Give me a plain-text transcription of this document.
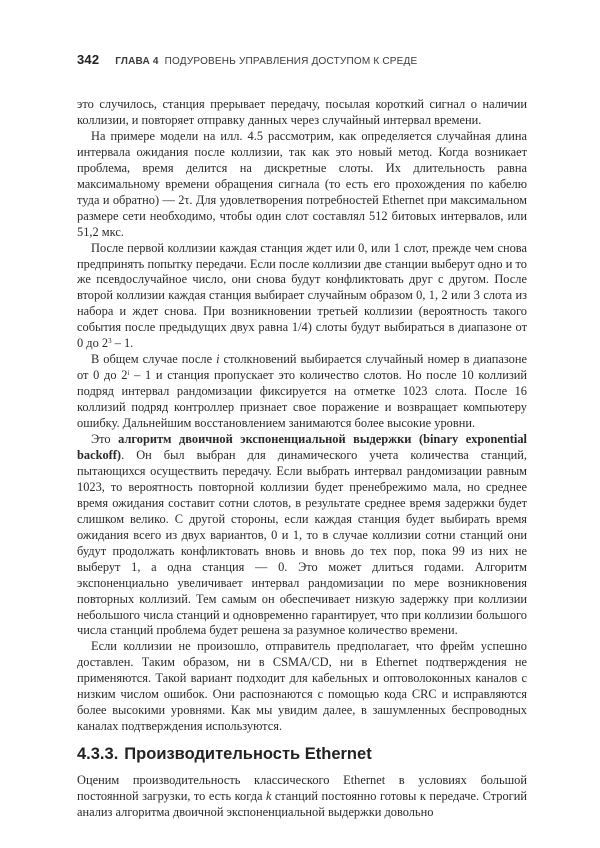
342 ГЛАВА 4 ПОДУРОВЕНЬ УПРАВЛЕНИЯ ДОСТУПОМ К СРЕДЕ

это случилось, станция прерывает передачу, посылая короткий сигнал о наличии коллизии, и повторяет отправку данных через случайный интервал времени.

На примере модели на илл. 4.5 рассмотрим, как определяется случайная длина интервала ожидания после коллизии, так как это новый метод. Когда возникает проблема, время делится на дискретные слоты. Их длительность равна максимальному времени обращения сигнала (то есть его прохождения по кабелю туда и обратно) — 2τ. Для удовлетворения потребностей Ethernet при максимальном размере сети необходимо, чтобы один слот составлял 512 битовых интервалов, или 51,2 мкс.

После первой коллизии каждая станция ждет или 0, или 1 слот, прежде чем снова предпринять попытку передачи. Если после коллизии две станции выберут одно и то же псевдослучайное число, они снова будут конфликтовать друг с другом. После второй коллизии каждая станция выбирает случайным образом 0, 1, 2 или 3 слота из набора и ждет снова. При возникновении третьей коллизии (вероятность такого события после предыдущих двух равна 1/4) слоты будут выбираться в диапазоне от 0 до $2^3 - 1$.

В общем случае после i столкновений выбирается случайный номер в диапазоне от 0 до 2$^i$ – 1 и станция пропускает это количество слотов. Но после 10 коллизий подряд интервал рандомизации фиксируется на отметке 1023 слота. После 16 коллизий подряд контроллер признает свое поражение и возвращает компьютеру ошибку. Дальнейшим восстановлением занимаются более высокие уровни.

Это алгоритм двоичной экспоненциальной выдержки (binary exponential backoff). Он был выбран для динамического учета количества станций, пытающихся осуществить передачу. Если выбрать интервал рандомизации равным 1023, то вероятность повторной коллизии будет пренебрежимо мала, но среднее время ожидания составит сотни слотов, в результате среднее время задержки будет слишком велико. С другой стороны, если каждая станция будет выбирать время ожидания всего из двух вариантов, 0 и 1, то в случае коллизии сотни станций они будут продолжать конфликтовать вновь и вновь до тех пор, пока 99 из них не выберут 1, а одна станция — 0. Это может длиться годами. Алгоритм экспоненциально увеличивает интервал рандомизации по мере возникновения повторных коллизий. Тем самым он обеспечивает низкую задержку при коллизии небольшого числа станций и одновременно гарантирует, что при коллизии большого числа станций проблема будет решена за разумное количество времени.

Если коллизии не произошло, отправитель предполагает, что фрейм успешно доставлен. Таким образом, ни в CSMA/CD, ни в Ethernet подтверждения не применяются. Такой вариант подходит для кабельных и оптоволоконных каналов с низким числом ошибок. Они распознаются с помощью кода CRC и исправляются более высокими уровнями. Как мы увидим далее, в зашумленных беспроводных каналах подтверждения используются.

4.3.3. Производительность Ethernet

Оценим производительность классического Ethernet в условиях большой постоянной загрузки, то есть когда k станций постоянно готовы к передаче. Строгий анализ алгоритма двоичной экспоненциальной выдержки довольно
